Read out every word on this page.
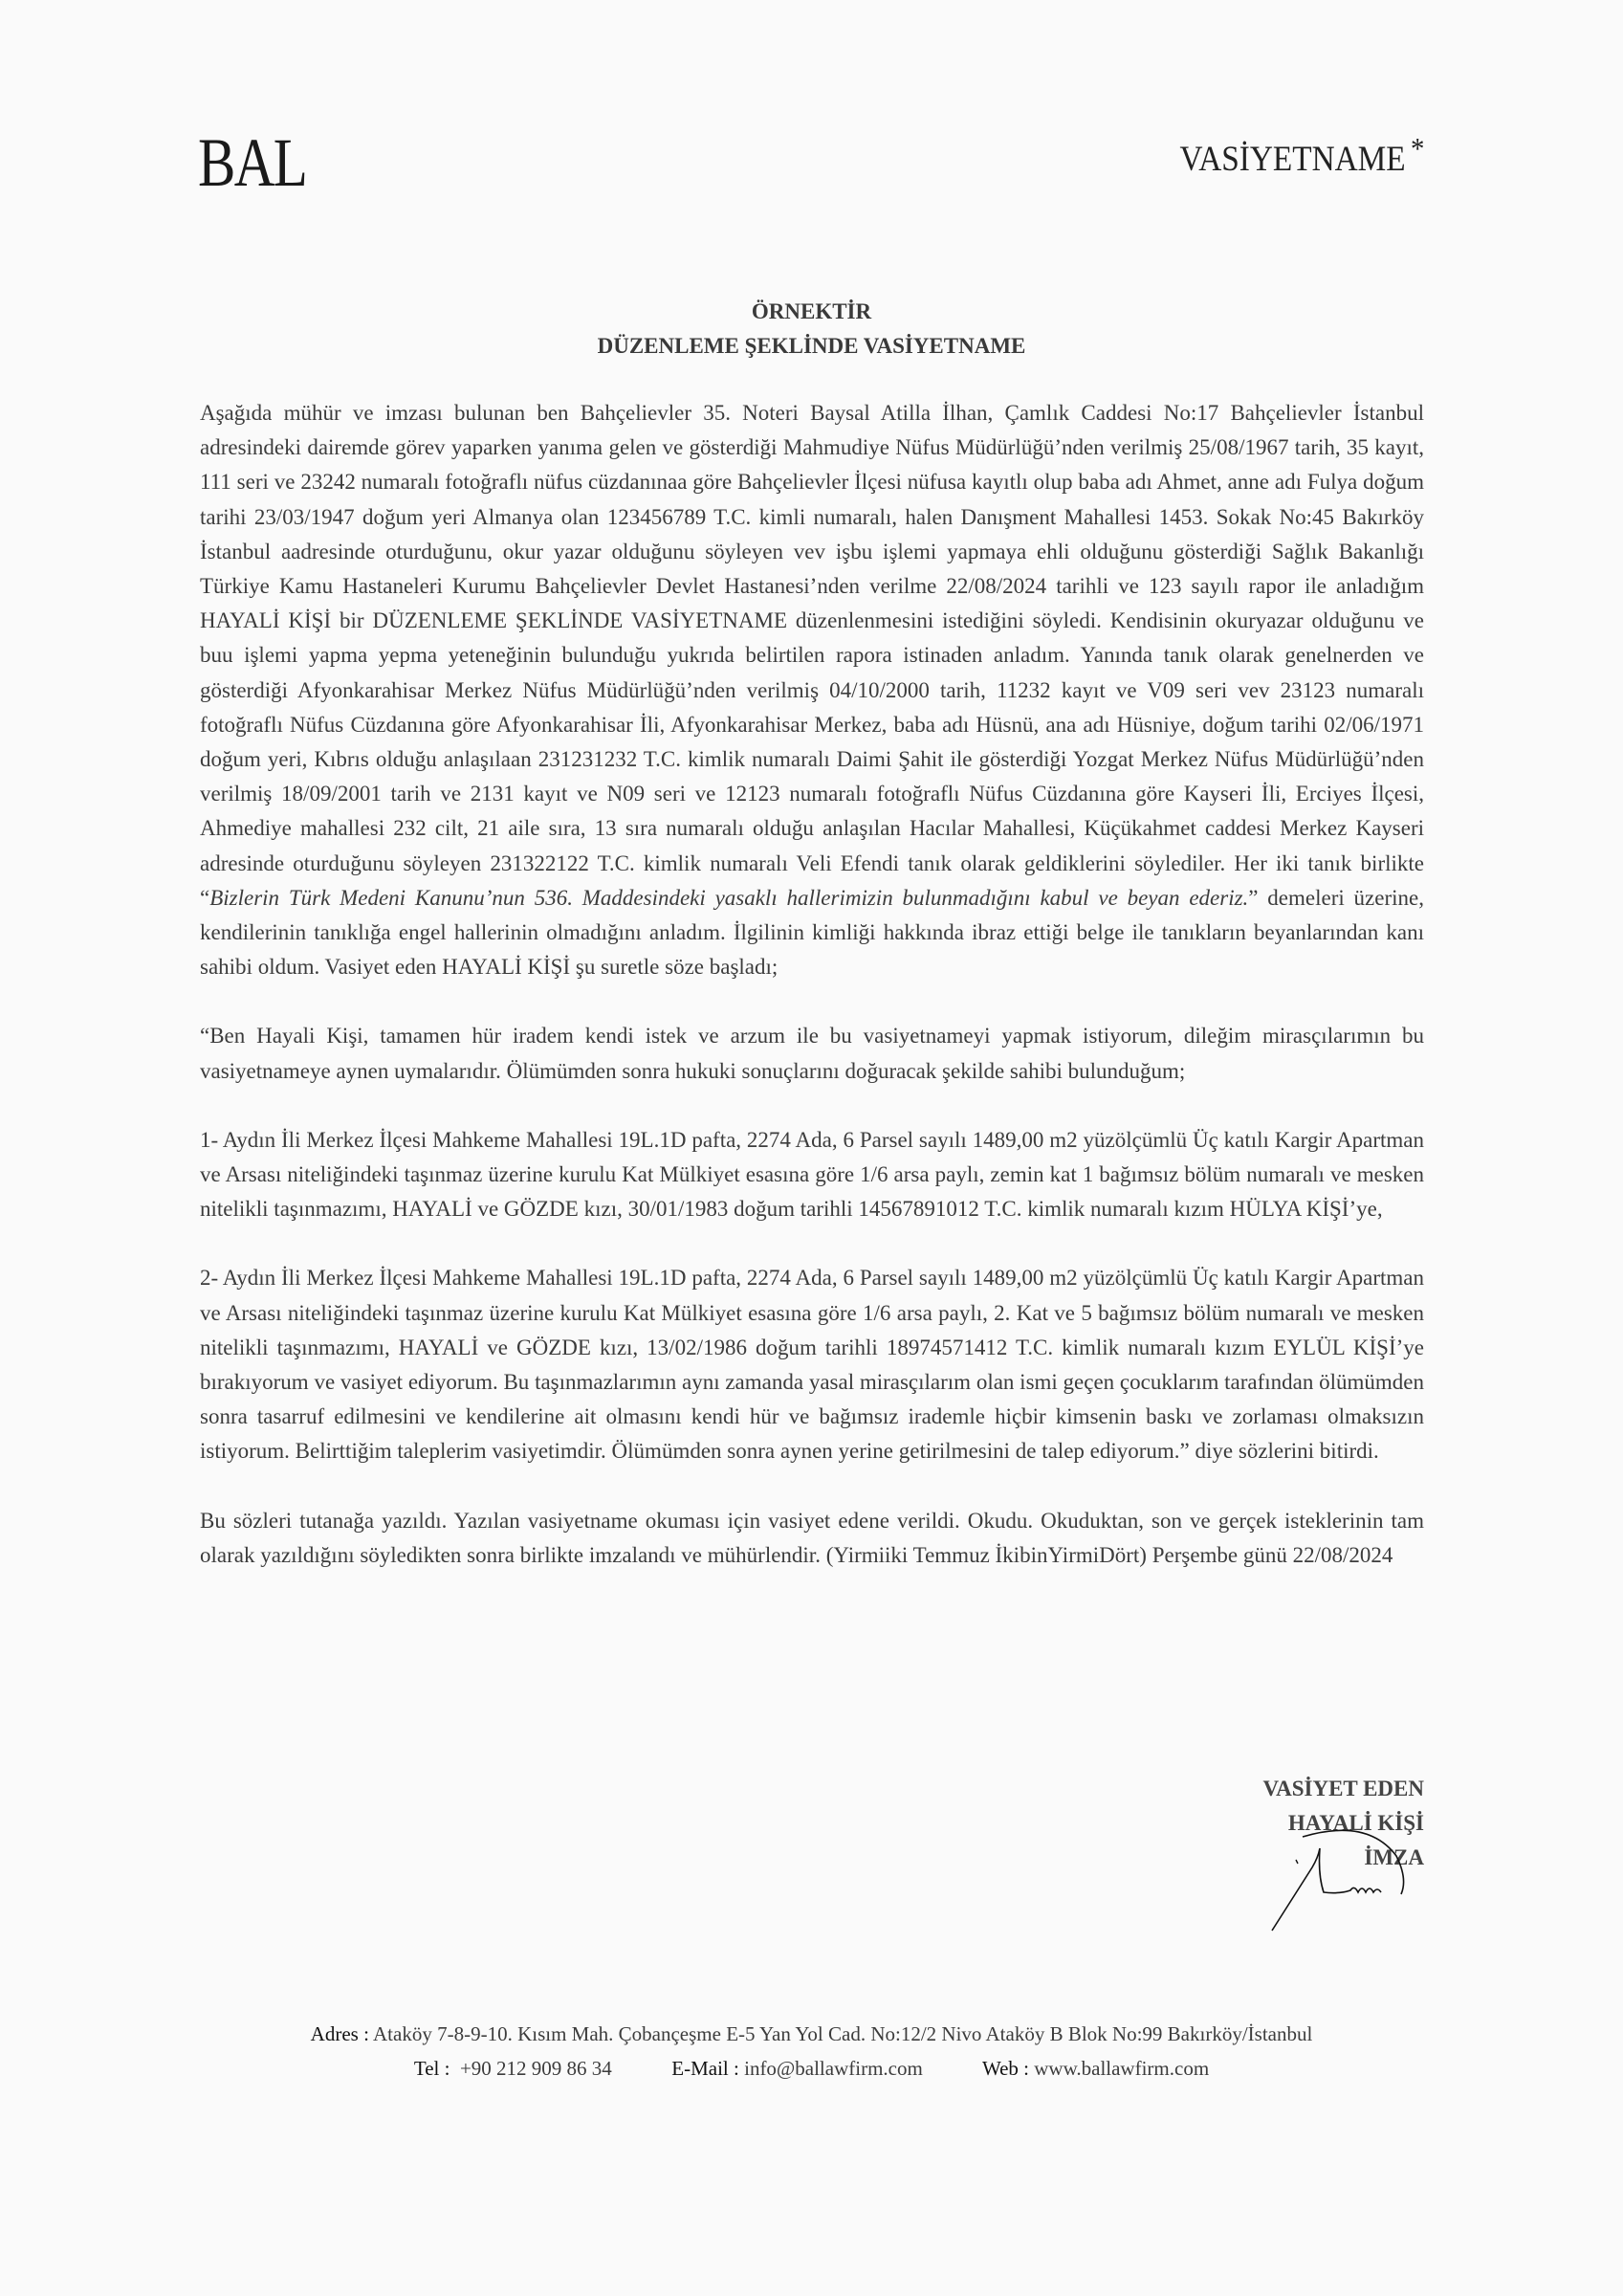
BAL	VASİYETNAME *
ÖRNEKTİR
DÜZENLEME ŞEKLİNDE VASİYETNAME

Aşağıda mühür ve imzası bulunan ben Bahçelievler 35. Noteri Baysal Atilla İlhan, Çamlık Caddesi No:17 Bahçelievler İstanbul adresindeki dairemde görev yaparken yanıma gelen ve gösterdiği Mahmudiye Nüfus Müdürlüğü’nden verilmiş 25/08/1967 tarih, 35 kayıt, 111 seri ve 23242 numaralı fotoğraflı nüfus cüzdanınaa göre Bahçelievler İlçesi nüfusa kayıtlı olup baba adı Ahmet, anne adı Fulya doğum tarihi 23/03/1947 doğum yeri Almanya olan 123456789 T.C. kimli numaralı, halen Danışment Mahallesi 1453. Sokak No:45 Bakırköy İstanbul aadresinde oturduğunu, okur yazar olduğunu söyleyen vev işbu işlemi yapmaya ehli olduğunu gösterdiği Sağlık Bakanlığı Türkiye Kamu Hastaneleri Kurumu Bahçelievler Devlet Hastanesi’nden verilme 22/08/2024 tarihli ve 123 sayılı rapor ile anladığım HAYALİ KİŞİ bir DÜZENLEME ŞEKLİNDE VASİYETNAME düzenlenmesini istediğini söyledi. Kendisinin okuryazar olduğunu ve buu işlemi yapma yepma yeteneğinin bulunduğu yukrıda belirtilen rapora istinaden anladım. Yanında tanık olarak genelnerden ve gösterdiği Afyonkarahisar Merkez Nüfus Müdürlüğü’nden verilmiş 04/10/2000 tarih, 11232 kayıt ve V09 seri vev 23123 numaralı fotoğraflı Nüfus Cüzdanına göre Afyonkarahisar İli, Afyonkarahisar Merkez, baba adı Hüsnü, ana adı Hüsniye, doğum tarihi 02/06/1971 doğum yeri, Kıbrıs olduğu anlaşılaan 231231232 T.C. kimlik numaralı Daimi Şahit ile gösterdiği Yozgat Merkez Nüfus Müdürlüğü’nden verilmiş 18/09/2001 tarih ve 2131 kayıt ve N09 seri ve 12123 numaralı fotoğraflı Nüfus Cüzdanına göre Kayseri İli, Erciyes İlçesi, Ahmediye mahallesi 232 cilt, 21 aile sıra, 13 sıra numaralı olduğu anlaşılan Hacılar Mahallesi, Küçükahmet caddesi Merkez Kayseri adresinde oturduğunu söyleyen 231322122 T.C. kimlik numaralı Veli Efendi tanık olarak geldiklerini söylediler. Her iki tanık birlikte “Bizlerin Türk Medeni Kanunu’nun 536. Maddesindeki yasaklı hallerimizin bulunmadığını kabul ve beyan ederiz.” demeleri üzerine, kendilerinin tanıklığa engel hallerinin olmadığını anladım. İlgilinin kimliği hakkında ibraz ettiği belge ile tanıkların beyanlarından kanı sahibi oldum. Vasiyet eden HAYALİ KİŞİ şu suretle söze başladı;

“Ben Hayali Kişi, tamamen hür iradem kendi istek ve arzum ile bu vasiyetnameyi yapmak istiyorum, dileğim mirasçılarımın bu vasiyetnameye aynen uymalarıdır. Ölümümden sonra hukuki sonuçlarını doğuracak şekilde sahibi bulunduğum;

1- Aydın İli Merkez İlçesi Mahkeme Mahallesi 19L.1D pafta, 2274 Ada, 6 Parsel sayılı 1489,00 m2 yüzölçümlü Üç katılı Kargir Apartman ve Arsası niteliğindeki taşınmaz üzerine kurulu Kat Mülkiyet esasına göre 1/6 arsa paylı, zemin kat 1 bağımsız bölüm numaralı ve mesken nitelikli taşınmazımı, HAYALİ ve GÖZDE kızı, 30/01/1983 doğum tarihli 14567891012 T.C. kimlik numaralı kızım HÜLYA KİŞİ’ye,

2- Aydın İli Merkez İlçesi Mahkeme Mahallesi 19L.1D pafta, 2274 Ada, 6 Parsel sayılı 1489,00 m2 yüzölçümlü Üç katılı Kargir Apartman ve Arsası niteliğindeki taşınmaz üzerine kurulu Kat Mülkiyet esasına göre 1/6 arsa paylı, 2. Kat ve 5 bağımsız bölüm numaralı ve mesken nitelikli taşınmazımı, HAYALİ ve GÖZDE kızı, 13/02/1986 doğum tarihli 18974571412 T.C. kimlik numaralı kızım EYLÜL KİŞİ’ye bırakıyorum ve vasiyet ediyorum. Bu taşınmazlarımın aynı zamanda yasal mirasçılarım olan ismi geçen çocuklarım tarafından ölümümden sonra tasarruf edilmesini ve kendilerine ait olmasını kendi hür ve bağımsız irademle hiçbir kimsenin baskı ve zorlaması olmaksızın istiyorum. Belirttiğim taleplerim vasiyetimdir. Ölümümden sonra aynen yerine getirilmesini de talep ediyorum.” diye sözlerini bitirdi.

Bu sözleri tutanağa yazıldı. Yazılan vasiyetname okuması için vasiyet edene verildi. Okudu. Okuduktan, son ve gerçek isteklerinin tam olarak yazıldığını söyledikten sonra birlikte imzalandı ve mühürlendir. (Yirmiiki Temmuz İkibinYirmiDört) Perşembe günü 22/08/2024

VASİYET EDEN
HAYALİ KİŞİ
İMZA
Adres : Ataköy 7-8-9-10. Kısım Mah. Çobançeşme E-5 Yan Yol Cad. No:12/2 Nivo Ataköy B Blok No:99 Bakırköy/İstanbul
Tel : +90 212 909 86 34	E-Mail : info@ballawfirm.com	Web : www.ballawfirm.com
